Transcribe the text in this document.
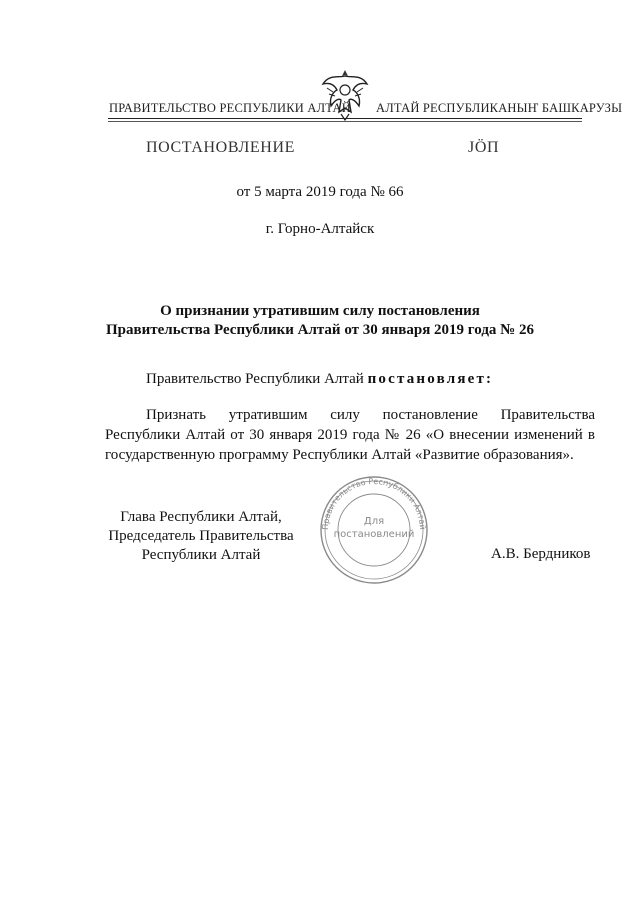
ПРАВИТЕЛЬСТВО РЕСПУБЛИКИ АЛТАЙ АЛТАЙ РЕСПУБЛИКАНЫҤ БАШКАРУЗЫ
ПОСТАНОВЛЕНИЕ	ЈӦП
от 5 марта 2019 года № 66
г. Горно-Алтайск
О признании утратившим силу постановления
Правительства Республики Алтай от 30 января 2019 года № 26
Правительство Республики Алтай постановляет:
Признать утратившим силу постановление Правительства Республики Алтай от 30 января 2019 года № 26 «О внесении изменений в государственную программу Республики Алтай «Развитие образования».
Глава Республики Алтай,
Председатель Правительства
Республики Алтай
Правительство Республики Алтай
Для
постановлений
А.В. Бердников
